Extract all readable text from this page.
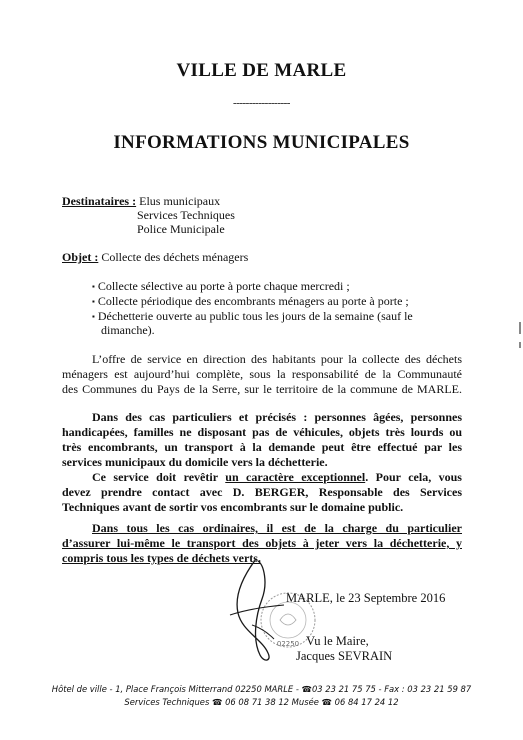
VILLE DE MARLE
------------------
INFORMATIONS MUNICIPALES
Destinataires : Elus municipaux
Services Techniques
Police Municipale
Objet : Collecte des déchets ménagers
▪ Collecte sélective au porte à porte chaque mercredi ;
▪ Collecte périodique des encombrants ménagers au porte à porte ;
▪ Déchetterie ouverte au public tous les jours de la semaine (sauf le
dimanche).
L’offre de service en direction des habitants pour la collecte des déchets
ménagers est aujourd’hui complète, sous la responsabilité de la Communauté
des Communes du Pays de la Serre, sur le territoire de la commune de MARLE.
Dans des cas particuliers et précisés : personnes âgées, personnes
handicapées, familles ne disposant pas de véhicules, objets très lourds ou
très encombrants, un transport à la demande peut être effectué par les
services municipaux du domicile vers la déchetterie.
Ce service doit revêtir un caractère exceptionnel. Pour cela, vous
devez prendre contact avec D. BERGER, Responsable des Services
Techniques avant de sortir vos encombrants sur le domaine public.
Dans tous les cas ordinaires, il est de la charge du particulier
d’assurer lui-même le transport des objets à jeter vers la déchetterie, y
compris tous les types de déchets verts.
02250
MARLE, le 23 Septembre 2016
Vu le Maire,
Jacques SEVRAIN
Hôtel de ville - 1, Place François Mitterrand 02250 MARLE - ☎03 23 21 75 75 - Fax : 03 23 21 59 87
Services Techniques ☎ 06 08 71 38 12 Musée ☎ 06 84 17 24 12
